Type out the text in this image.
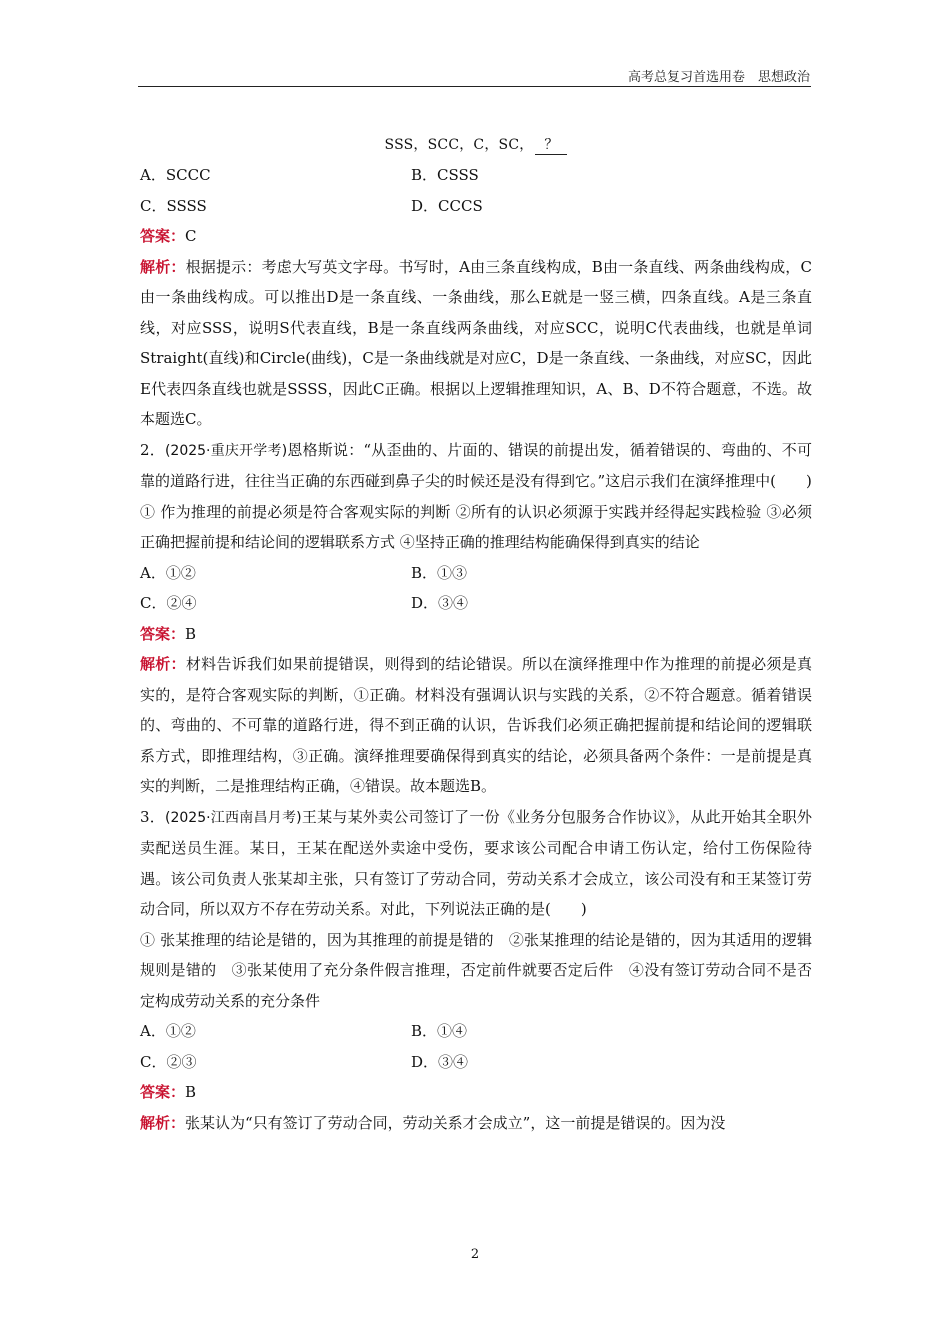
高考总复习首选用卷　思想政治
SSS，SCC，C，SC， ？
A．SCCC	B．CSSS
C．SSSS	D．CCCS

答案：C

解析：根据提示：考虑大写英文字母。书写时，A由三条直线构成，B由一条直线、两条曲线构成，C由一条曲线构成。可以推出D是一条直线、一条曲线，那么E就是一竖三横，四条直线。A是三条直线，对应SSS，说明S代表直线，B是一条直线两条曲线，对应SCC，说明C代表曲线，也就是单词Straight(直线)和Circle(曲线)，C是一条曲线就是对应C，D是一条直线、一条曲线，对应SC，因此E代表四条直线也就是SSSS，因此C正确。根据以上逻辑推理知识，A、B、D不符合题意，不选。故本题选C。

2．(2025·重庆开学考)恩格斯说：“从歪曲的、片面的、错误的前提出发，循着错误的、弯曲的、不可靠的道路行进，往往当正确的东西碰到鼻子尖的时候还是没有得到它。”这启示我们在演绎推理中(　　)

① 作为推理的前提必须是符合客观实际的判断 ②所有的认识必须源于实践并经得起实践检验 ③必须正确把握前提和结论间的逻辑联系方式 ④坚持正确的推理结构能确保得到真实的结论

A．①②	B．①③
C．②④	D．③④

答案：B

解析：材料告诉我们如果前提错误，则得到的结论错误。所以在演绎推理中作为推理的前提必须是真实的，是符合客观实际的判断，①正确。材料没有强调认识与实践的关系，②不符合题意。循着错误的、弯曲的、不可靠的道路行进，得不到正确的认识，告诉我们必须正确把握前提和结论间的逻辑联系方式，即推理结构，③正确。演绎推理要确保得到真实的结论，必须具备两个条件：一是前提是真实的判断，二是推理结构正确，④错误。故本题选B。

3．(2025·江西南昌月考)王某与某外卖公司签订了一份《业务分包服务合作协议》，从此开始其全职外卖配送员生涯。某日，王某在配送外卖途中受伤，要求该公司配合申请工伤认定，给付工伤保险待遇。该公司负责人张某却主张，只有签订了劳动合同，劳动关系才会成立，该公司没有和王某签订劳动合同，所以双方不存在劳动关系。对此，下列说法正确的是(　　)

① 张某推理的结论是错的，因为其推理的前提是错的　②张某推理的结论是错的，因为其适用的逻辑规则是错的　③张某使用了充分条件假言推理，否定前件就要否定后件　④没有签订劳动合同不是否定构成劳动关系的充分条件

A．①②	B．①④
C．②③	D．③④

答案：B

解析：张某认为“只有签订了劳动合同，劳动关系才会成立”，这一前提是错误的。因为没

2
